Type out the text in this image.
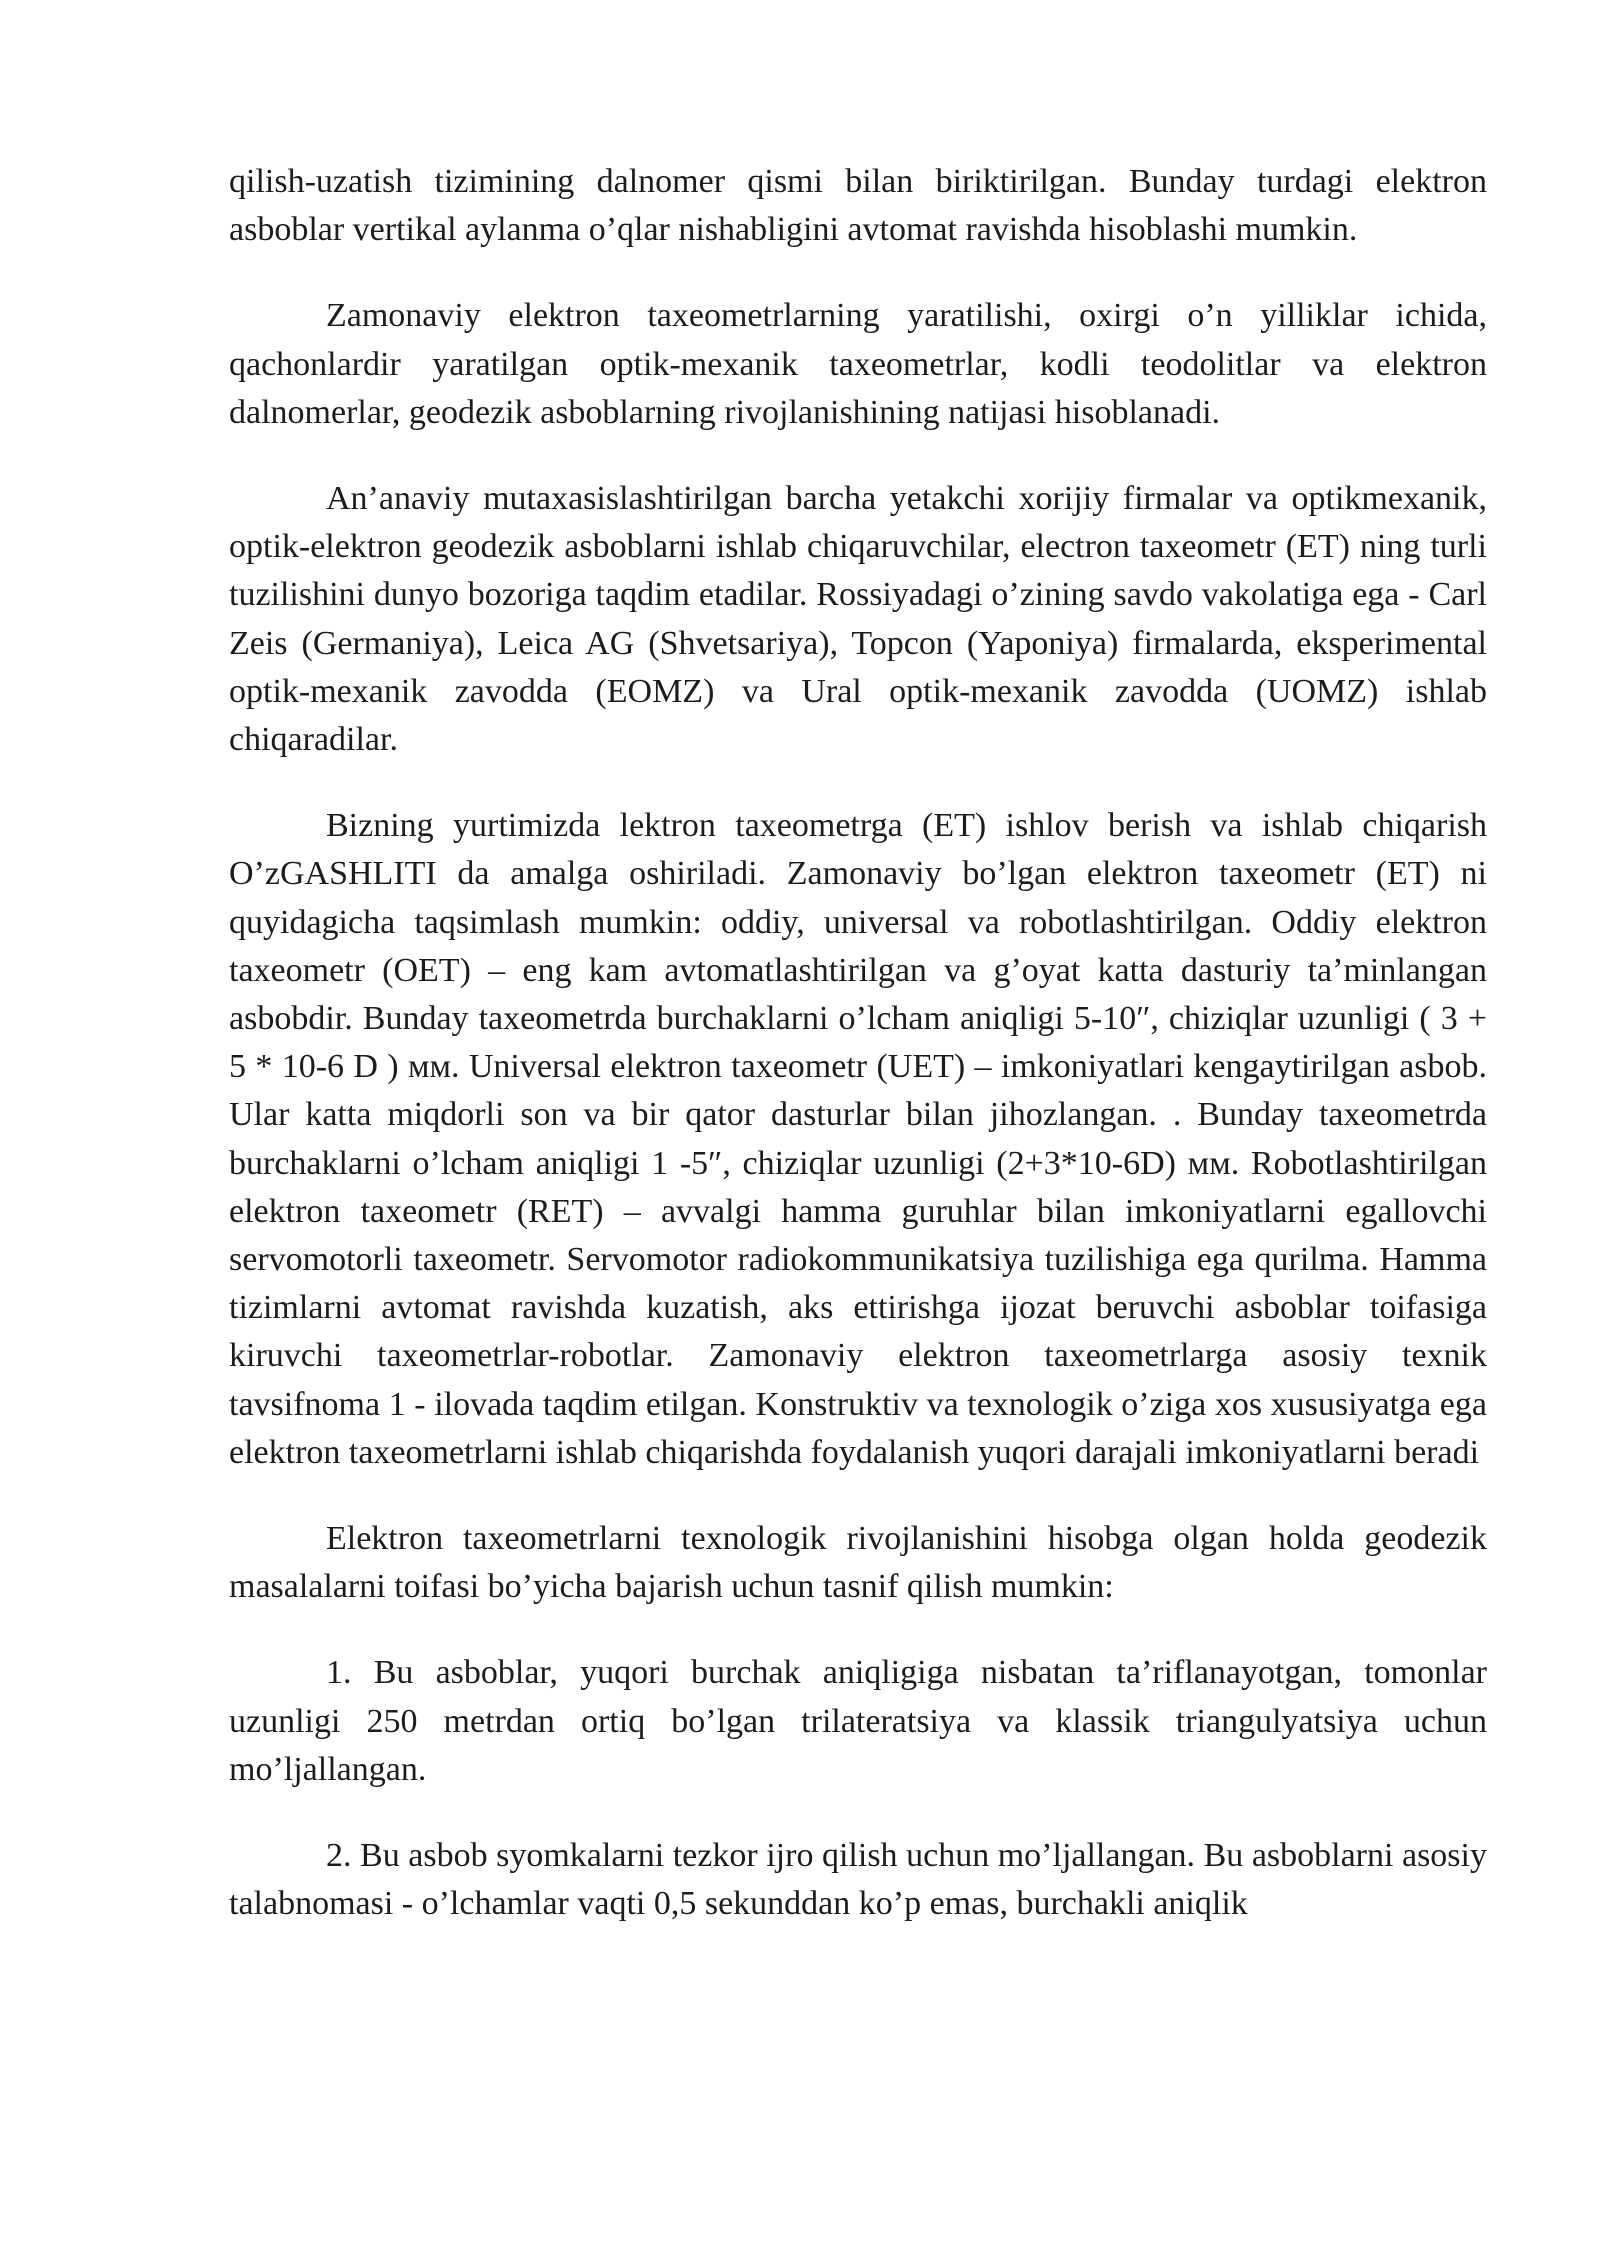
qilish-uzatish tizimining dalnomer qismi bilan biriktirilgan. Bunday turdagi elektron asboblar vertikal aylanma o’qlar nishabligini avtomat ravishda hisoblashi mumkin.

Zamonaviy elektron taxeometrlarning yaratilishi, oxirgi o’n yilliklar ichida, qachonlardir yaratilgan optik-mexanik taxeometrlar, kodli teodolitlar va elektron dalnomerlar, geodezik asboblarning rivojlanishining natijasi hisoblanadi.

An’anaviy mutaxasislashtirilgan barcha yetakchi xorijiy firmalar va optikmexanik, optik-elektron geodezik asboblarni ishlab chiqaruvchilar, electron taxeometr (ET) ning turli tuzilishini dunyo bozoriga taqdim etadilar. Rossiyadagi o’zining savdo vakolatiga ega - Carl Zeis (Germaniya), Leica AG (Shvetsariya), Topcon (Yaponiya) firmalarda, eksperimental optik-mexanik zavodda (EOMZ) va Ural optik-mexanik zavodda (UOMZ) ishlab chiqaradilar.

Bizning yurtimizda lektron taxeometrga (ET) ishlov berish va ishlab chiqarish O’zGASHLITI da amalga oshiriladi. Zamonaviy bo’lgan elektron taxeometr (ET) ni quyidagicha taqsimlash mumkin: oddiy, universal va robotlashtirilgan. Oddiy elektron taxeometr (OET) – eng kam avtomatlashtirilgan va g’oyat katta dasturiy ta’minlangan asbobdir. Bunday taxeometrda burchaklarni o’lcham aniqligi 5-10″, chiziqlar uzunligi ( 3 + 5 * 10-6 D ) мм. Universal elektron taxeometr (UET) – imkoniyatlari kengaytirilgan asbob. Ular katta miqdorli son va bir qator dasturlar bilan jihozlangan. . Bunday taxeometrda burchaklarni o’lcham aniqligi 1 -5″, chiziqlar uzunligi (2+3*10-6D) мм. Robotlashtirilgan elektron taxeometr (RET) – avvalgi hamma guruhlar bilan imkoniyatlarni egallovchi servomotorli taxeometr. Servomotor radiokommunikatsiya tuzilishiga ega qurilma. Hamma tizimlarni avtomat ravishda kuzatish, aks ettirishga ijozat beruvchi asboblar toifasiga kiruvchi taxeometrlar-robotlar. Zamonaviy elektron taxeometrlarga asosiy texnik tavsifnoma 1 - ilovada taqdim etilgan. Konstruktiv va texnologik o’ziga xos xususiyatga ega elektron taxeometrlarni ishlab chiqarishda foydalanish yuqori darajali imkoniyatlarni beradi

Elektron taxeometrlarni texnologik rivojlanishini hisobga olgan holda geodezik masalalarni toifasi bo’yicha bajarish uchun tasnif qilish mumkin:

1. Bu asboblar, yuqori burchak aniqligiga nisbatan ta’riflanayotgan, tomonlar uzunligi 250 metrdan ortiq bo’lgan trilateratsiya va klassik triangulyatsiya uchun mo’ljallangan.

2. Bu asbob syomkalarni tezkor ijro qilish uchun mo’ljallangan. Bu asboblarni asosiy talabnomasi - o’lchamlar vaqti 0,5 sekunddan ko’p emas, burchakli aniqlik
